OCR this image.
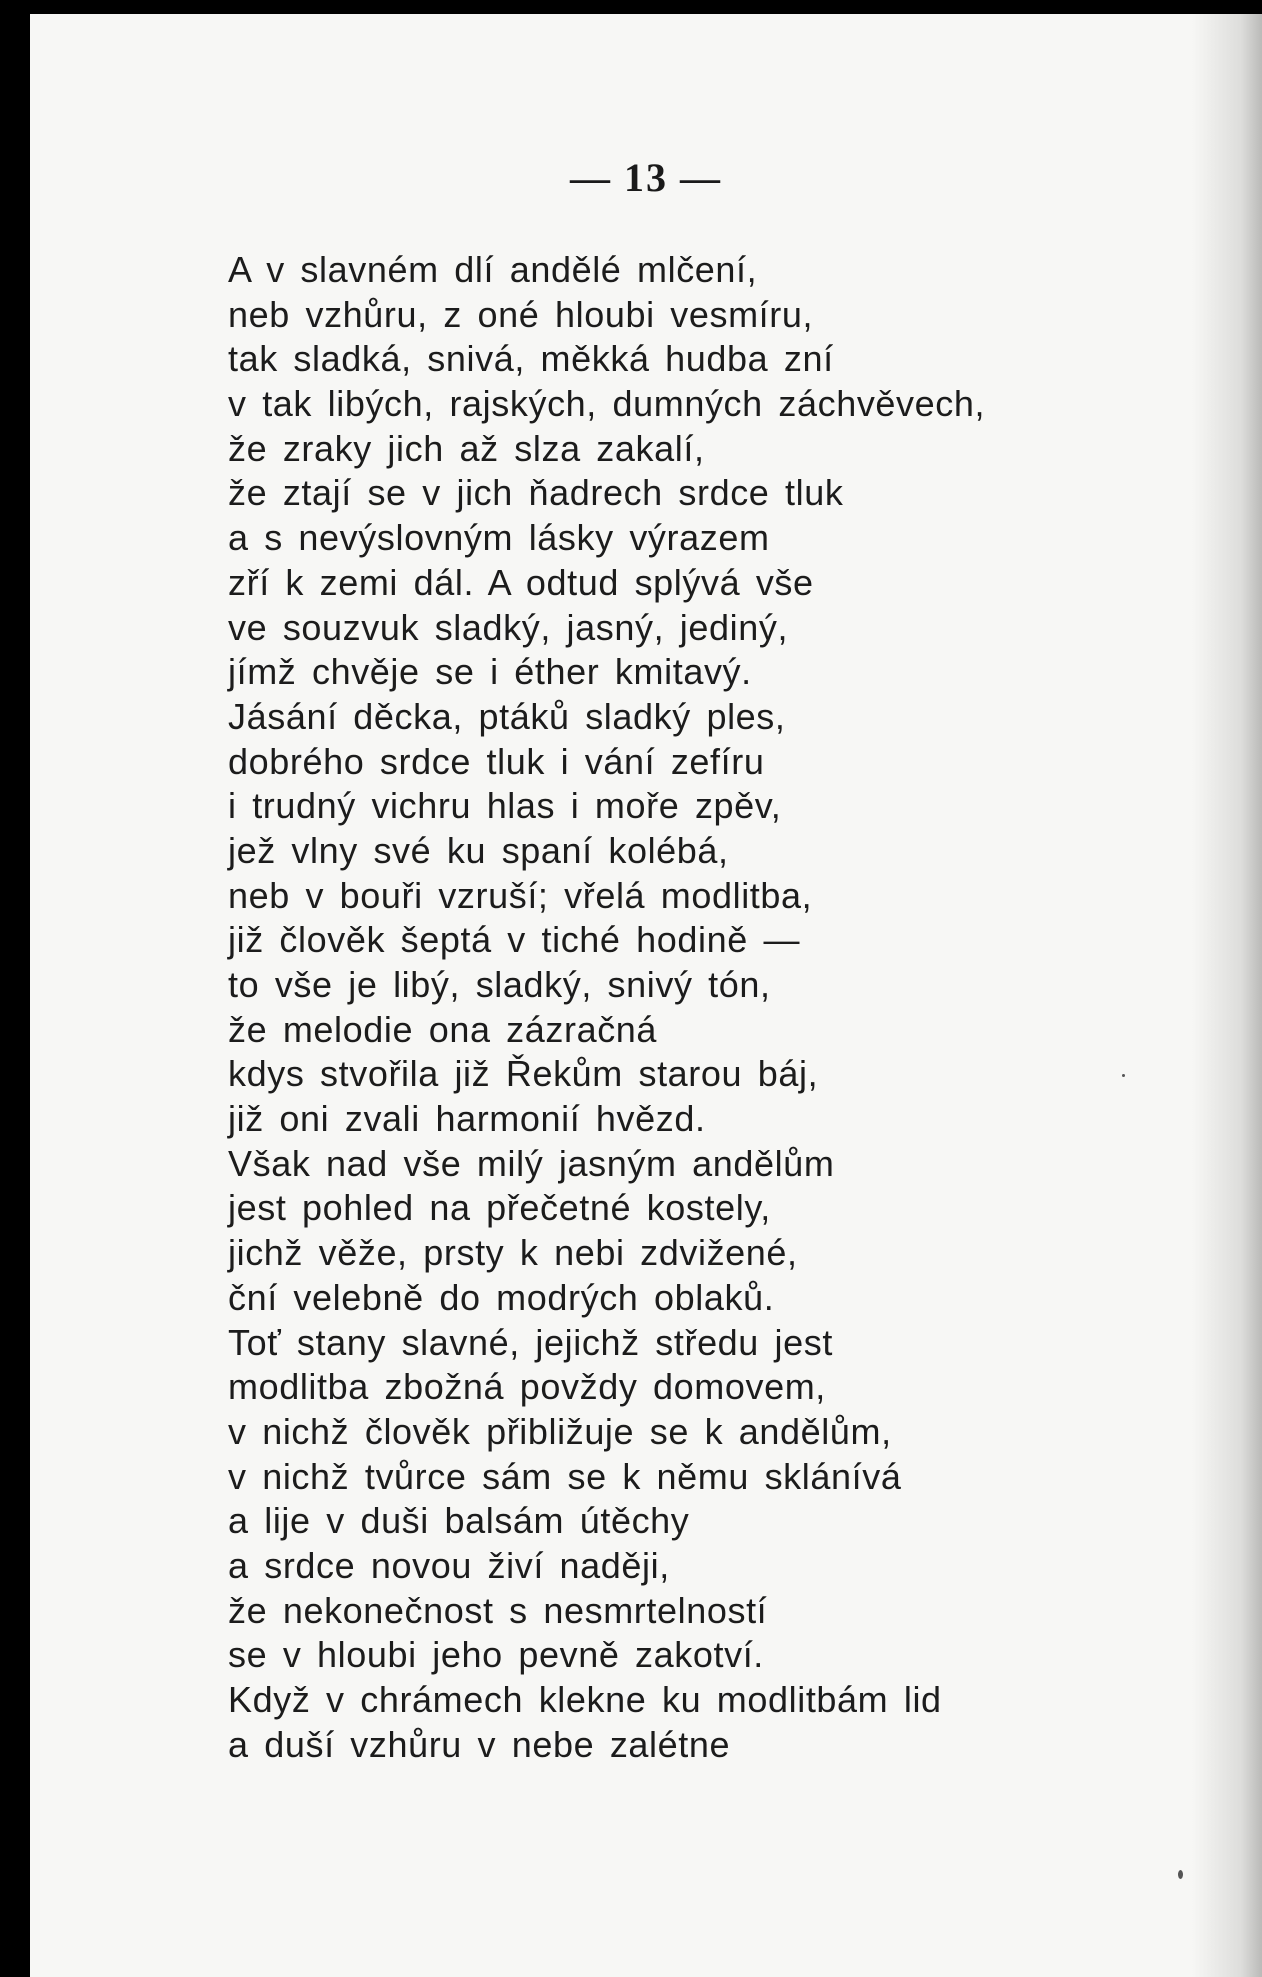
— 13 —
A v slavném dlí andělé mlčení,
neb vzhůru, z oné hloubi vesmíru,
tak sladká, snivá, měkká hudba zní
v tak libých, rajských, dumných záchvěvech,
že zraky jich až slza zakalí,
že ztají se v jich ňadrech srdce tluk
a s nevýslovným lásky výrazem
zří k zemi dál. A odtud splývá vše
ve souzvuk sladký, jasný, jediný,
jímž chvěje se i éther kmitavý.
Jásání děcka, ptáků sladký ples,
dobrého srdce tluk i vání zefíru
i trudný vichru hlas i moře zpěv,
jež vlny své ku spaní kolébá,
neb v bouři vzruší; vřelá modlitba,
již člověk šeptá v tiché hodině —
to vše je libý, sladký, snivý tón,
že melodie ona zázračná
kdys stvořila již Řekům starou báj,
již oni zvali harmonií hvězd.
Však nad vše milý jasným andělům
jest pohled na přečetné kostely,
jichž věže, prsty k nebi zdvižené,
ční velebně do modrých oblaků.
Toť stany slavné, jejichž středu jest
modlitba zbožná povždy domovem,
v nichž člověk přibližuje se k andělům,
v nichž tvůrce sám se k němu sklánívá
a lije v duši balsám útěchy
a srdce novou živí naději,
že nekonečnost s nesmrtelností
se v hloubi jeho pevně zakotví.
Když v chrámech klekne ku modlitbám lid
a duší vzhůru v nebe zalétne
